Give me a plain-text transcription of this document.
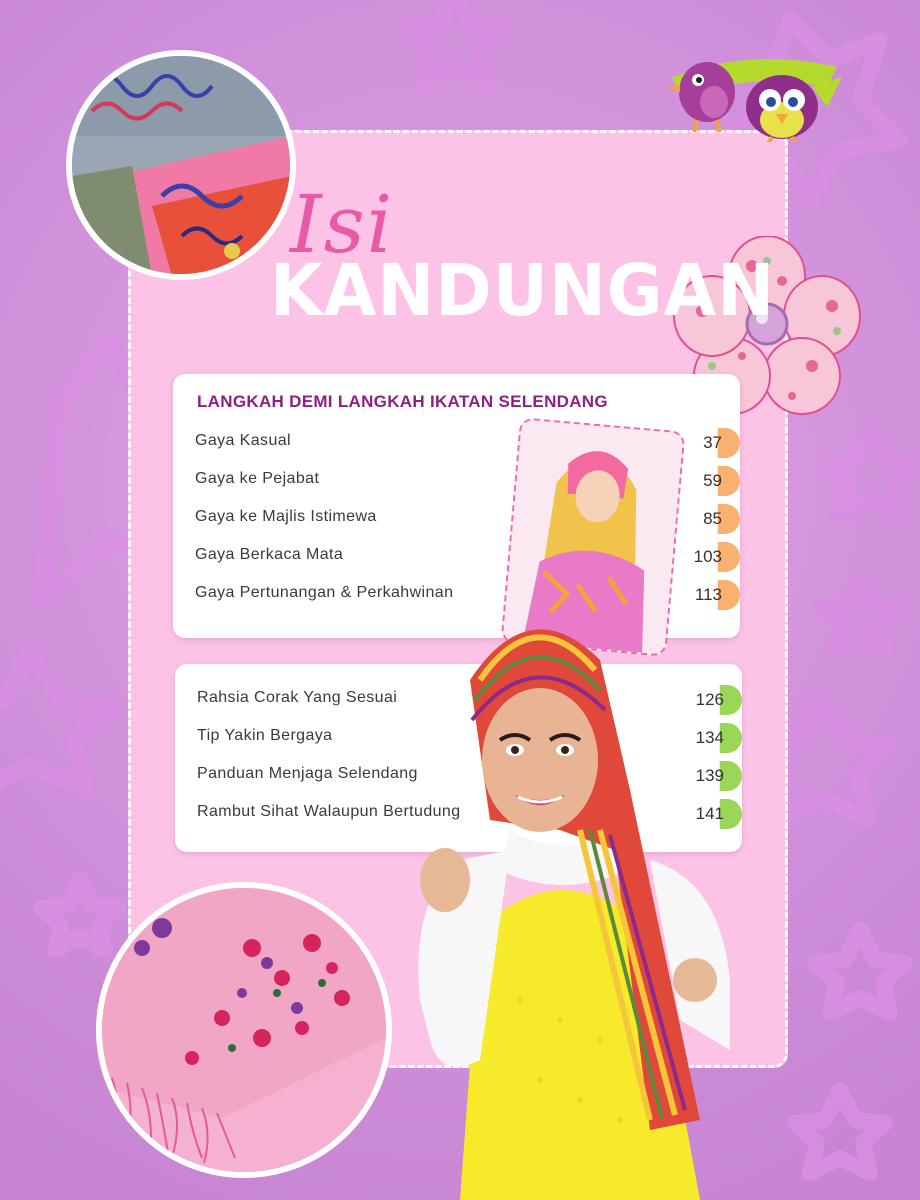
Isi
KANDUNGAN
LANGKAH DEMI LANGKAH IKATAN SELENDANG
Gaya Kasual	37
Gaya ke Pejabat	59
Gaya ke Majlis Istimewa	85
Gaya Berkaca Mata	103
Gaya Pertunangan & Perkahwinan	113
Rahsia Corak Yang Sesuai	126
Tip Yakin Bergaya	134
Panduan Menjaga Selendang	139
Rambut Sihat Walaupun Bertudung	141
